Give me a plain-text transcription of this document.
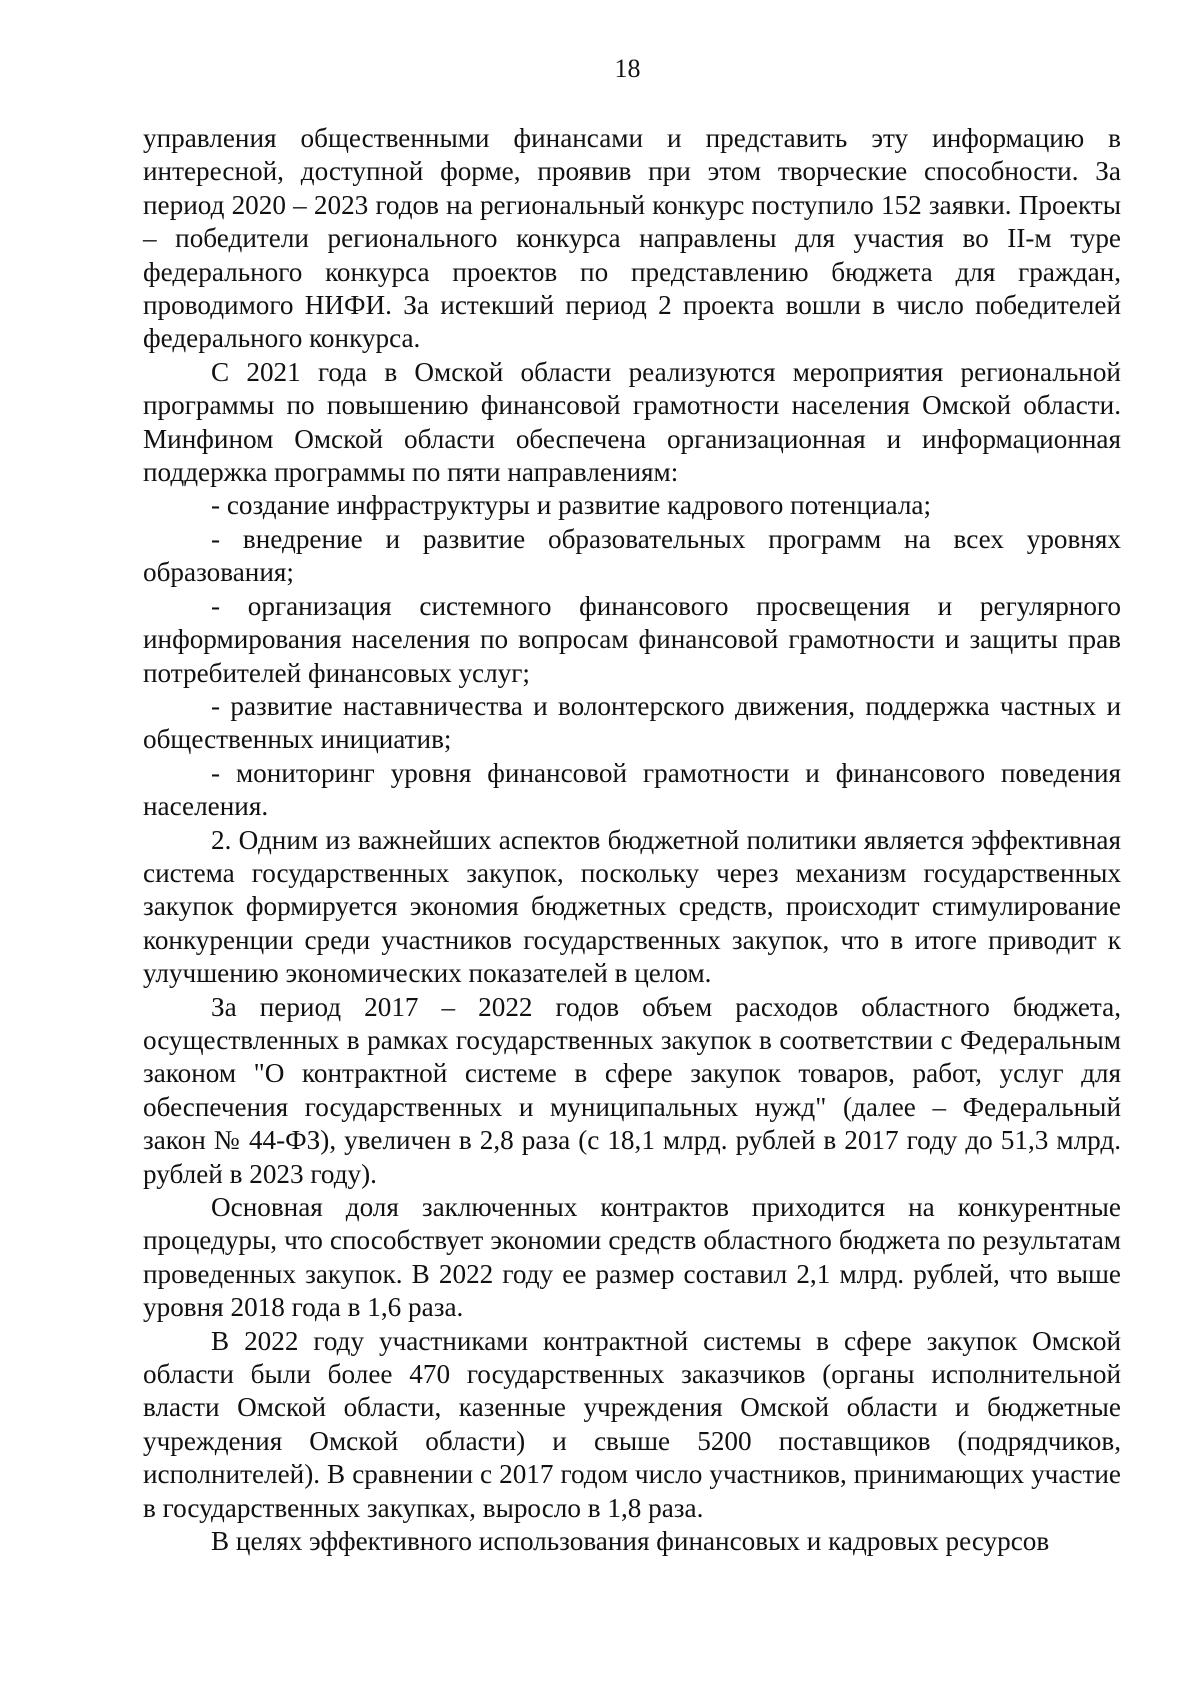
18

управления общественными финансами и представить эту информацию в интересной, доступной форме, проявив при этом творческие способности. За период 2020 – 2023 годов на региональный конкурс поступило 152 заявки. Проекты – победители регионального конкурса направлены для участия во II-м туре федерального конкурса проектов по представлению бюджета для граждан, проводимого НИФИ. За истекший период 2 проекта вошли в число победителей федерального конкурса.

С 2021 года в Омской области реализуются мероприятия региональной программы по повышению финансовой грамотности населения Омской области. Минфином Омской области обеспечена организационная и информационная поддержка программы по пяти направлениям:

- создание инфраструктуры и развитие кадрового потенциала;

- внедрение и развитие образовательных программ на всех уровнях образования;

- организация системного финансового просвещения и регулярного информирования населения по вопросам финансовой грамотности и защиты прав потребителей финансовых услуг;

- развитие наставничества и волонтерского движения, поддержка частных и общественных инициатив;

- мониторинг уровня финансовой грамотности и финансового поведения населения.

2. Одним из важнейших аспектов бюджетной политики является эффективная система государственных закупок, поскольку через механизм государственных закупок формируется экономия бюджетных средств, происходит стимулирование конкуренции среди участников государственных закупок, что в итоге приводит к улучшению экономических показателей в целом.

За период 2017 – 2022 годов объем расходов областного бюджета, осуществленных в рамках государственных закупок в соответствии с Федеральным законом "О контрактной системе в сфере закупок товаров, работ, услуг для обеспечения государственных и муниципальных нужд" (далее – Федеральный закон № 44-ФЗ), увеличен в 2,8 раза (с 18,1 млрд. рублей в 2017 году до 51,3 млрд. рублей в 2023 году).

Основная доля заключенных контрактов приходится на конкурентные процедуры, что способствует экономии средств областного бюджета по результатам проведенных закупок. В 2022 году ее размер составил 2,1 млрд. рублей, что выше уровня 2018 года в 1,6 раза.

В 2022 году участниками контрактной системы в сфере закупок Омской области были более 470 государственных заказчиков (органы исполнительной власти Омской области, казенные учреждения Омской области и бюджетные учреждения Омской области) и свыше 5200 поставщиков (подрядчиков, исполнителей). В сравнении с 2017 годом число участников, принимающих участие в государственных закупках, выросло в 1,8 раза.

В целях эффективного использования финансовых и кадровых ресурсов
